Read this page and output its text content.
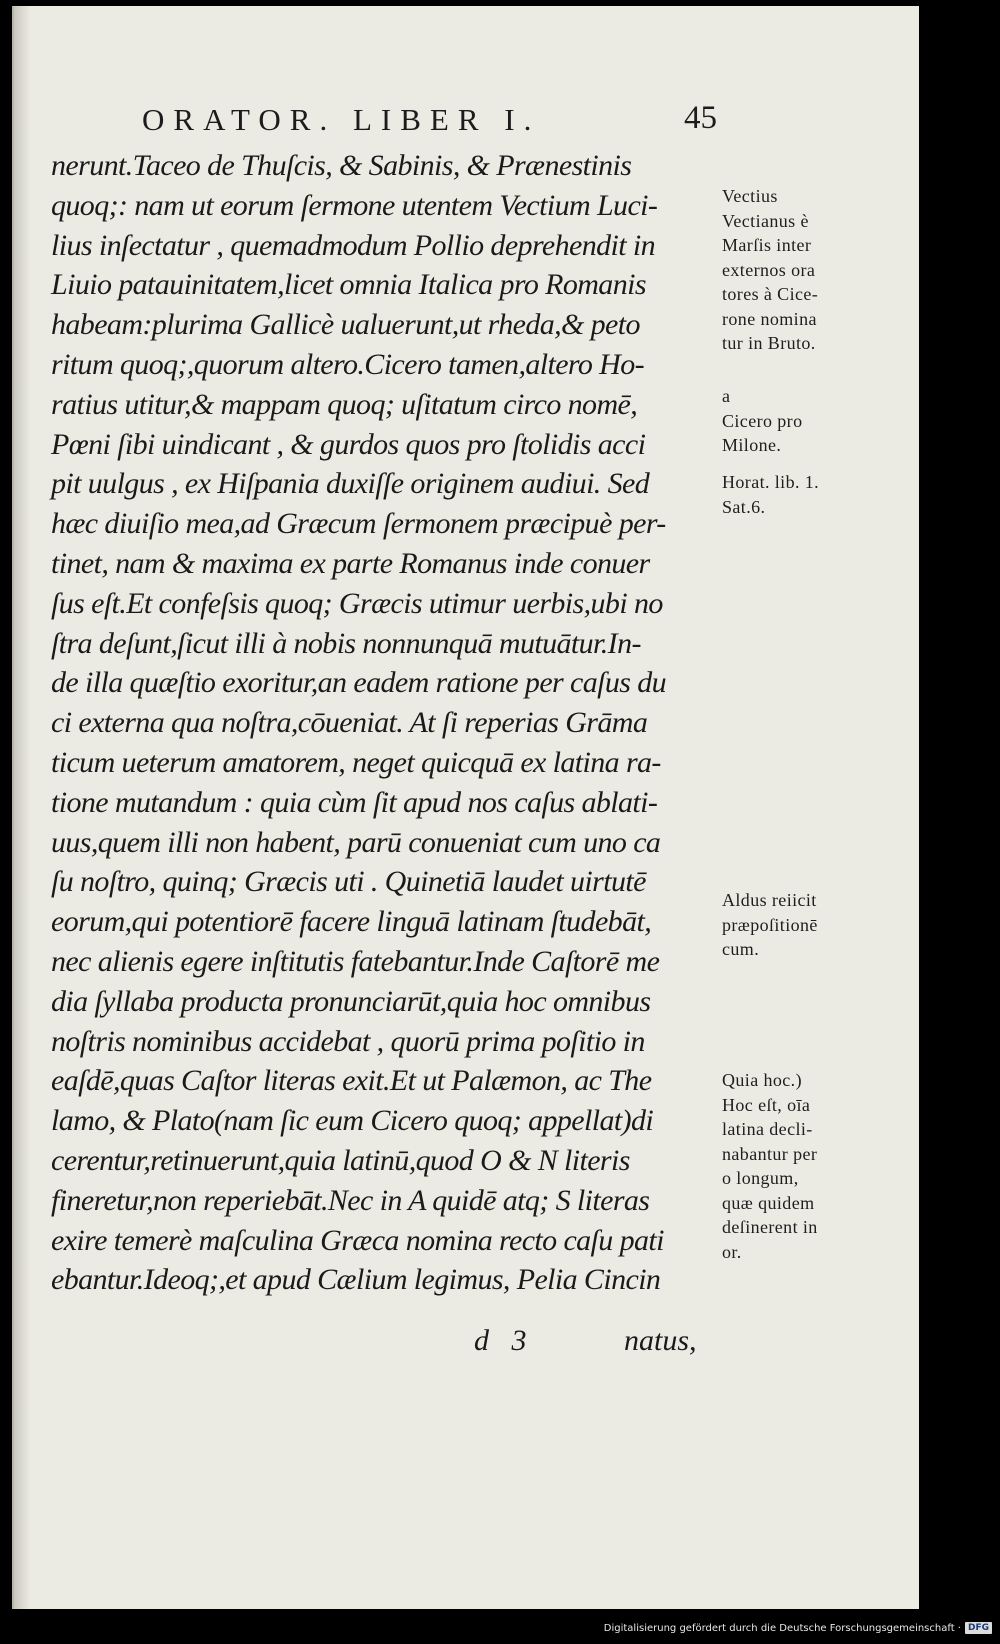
ORATOR. LIBER I.	45
nerunt.Taceo de Thuſcis, & Sabinis, & Prænestinis
quoq;: nam ut eorum ſermone utentem Vectium Luci-
lius inſectatur , quemadmodum Pollio deprehendit in
Liuio patauinitatem,licet omnia Italica pro Romanis
habeam:plurima Gallicè ualuerunt,ut rheda,& peto
ritum quoq;,quorum altero.Cicero tamen,altero Ho-
ratius utitur,& mappam quoq; uſitatum circo nomē,
Pœni ſibi uindicant , & gurdos quos pro ſtolidis acci
pit uulgus , ex Hiſpania duxiſſe originem audiui. Sed
hæc diuiſio mea,ad Græcum ſermonem præcipuè per-
tinet, nam & maxima ex parte Romanus inde conuer
ſus eſt.Et confeſsis quoq; Græcis utimur uerbis,ubi no
ſtra deſunt,ſicut illi à nobis nonnunquā mutuātur.In-
de illa quæſtio exoritur,an eadem ratione per caſus du
ci externa qua noſtra,cōueniat. At ſi reperias Grāma
ticum ueterum amatorem, neget quicquā ex latina ra-
tione mutandum : quia cùm ſit apud nos caſus ablati-
uus,quem illi non habent, parū conueniat cum uno ca
ſu noſtro, quinq; Græcis uti . Quinetiā laudet uirtutē
eorum,qui potentiorē facere linguā latinam ſtudebāt,
nec alienis egere inſtitutis fatebantur.Inde Caſtorē me
dia ſyllaba producta pronunciarūt,quia hoc omnibus
noſtris nominibus accidebat , quorū prima poſitio in
eaſdē,quas Caſtor literas exit.Et ut Palæmon, ac The
lamo, & Plato(nam ſic eum Cicero quoq; appellat)di
cerentur,retinuerunt,quia latinū,quod O & N literis
fineretur,non reperiebāt.Nec in A quidē atq; S literas
exire temerè maſculina Græca nomina recto caſu pati
ebantur.Ideoq;,et apud Cælium legimus, Pelia Cincin
d   3	natus,
Vectius
Vectianus è
Marſis inter
externos ora
tores à Cice-
rone nomina
tur in Bruto.
a
Cicero pro
Milone.
Horat. lib. 1.
Sat.6.
Aldus reiicit
præpoſitionē
cum.
Quia hoc.)
Hoc eſt, oīa
latina decli-
nabantur per
o longum,
quæ quidem
deſinerent in
or.
Digitalisierung gefördert durch die Deutsche Forschungsgemeinschaft · DFG
